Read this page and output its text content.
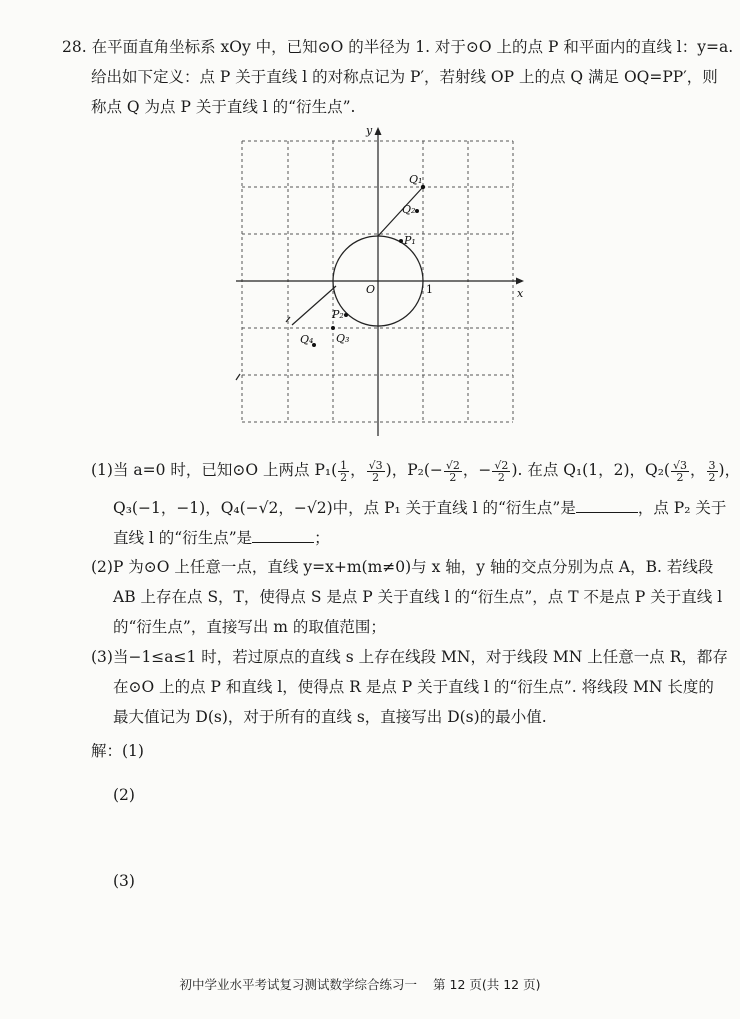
28. 在平面直角坐标系 xOy 中，已知⊙O 的半径为 1. 对于⊙O 上的点 P 和平面内的直线 l：y=a.
给出如下定义：点 P 关于直线 l 的对称点记为 P′，若射线 OP 上的点 Q 满足 OQ=PP′，则
称点 Q 为点 P 关于直线 l 的“衍生点”.
x
y
O
Q₁
Q₂
P₁
P₂
Q₃
Q₄
1
(1)当 a=0 时，已知⊙O 上两点 $P_1( \frac{1}{2}$ ， $\frac{√3}{2}$ )，$P_2(- \frac{√2}{2}$ ，− $\frac{√2}{2}$ ). 在点 Q₁(1，2)，$Q_2( \frac{√3}{2}$ ， $\frac{3}{2}$ )，
Q₃(−1，−1)，Q₄(−√2，−√2)中，点 P₁ 关于直线 l 的“衍生点”是	，点 P₂ 关于
直线 l 的“衍生点”是	；
(2)P 为⊙O 上任意一点，直线 y=x+m(m≠0)与 x 轴，y 轴的交点分别为点 A，B. 若线段
AB 上存在点 S，T，使得点 S 是点 P 关于直线 l 的“衍生点”，点 T 不是点 P 关于直线 l
的“衍生点”，直接写出 m 的取值范围；
(3)当−1≤a≤1 时，若过原点的直线 s 上存在线段 MN，对于线段 MN 上任意一点 R，都存
在⊙O 上的点 P 和直线 l，使得点 R 是点 P 关于直线 l 的“衍生点”. 将线段 MN 长度的
最大值记为 D(s)，对于所有的直线 s，直接写出 D(s)的最小值.
解：(1)
(2)
(3)
初中学业水平考试复习测试数学综合练习一 第 12 页(共 12 页)
